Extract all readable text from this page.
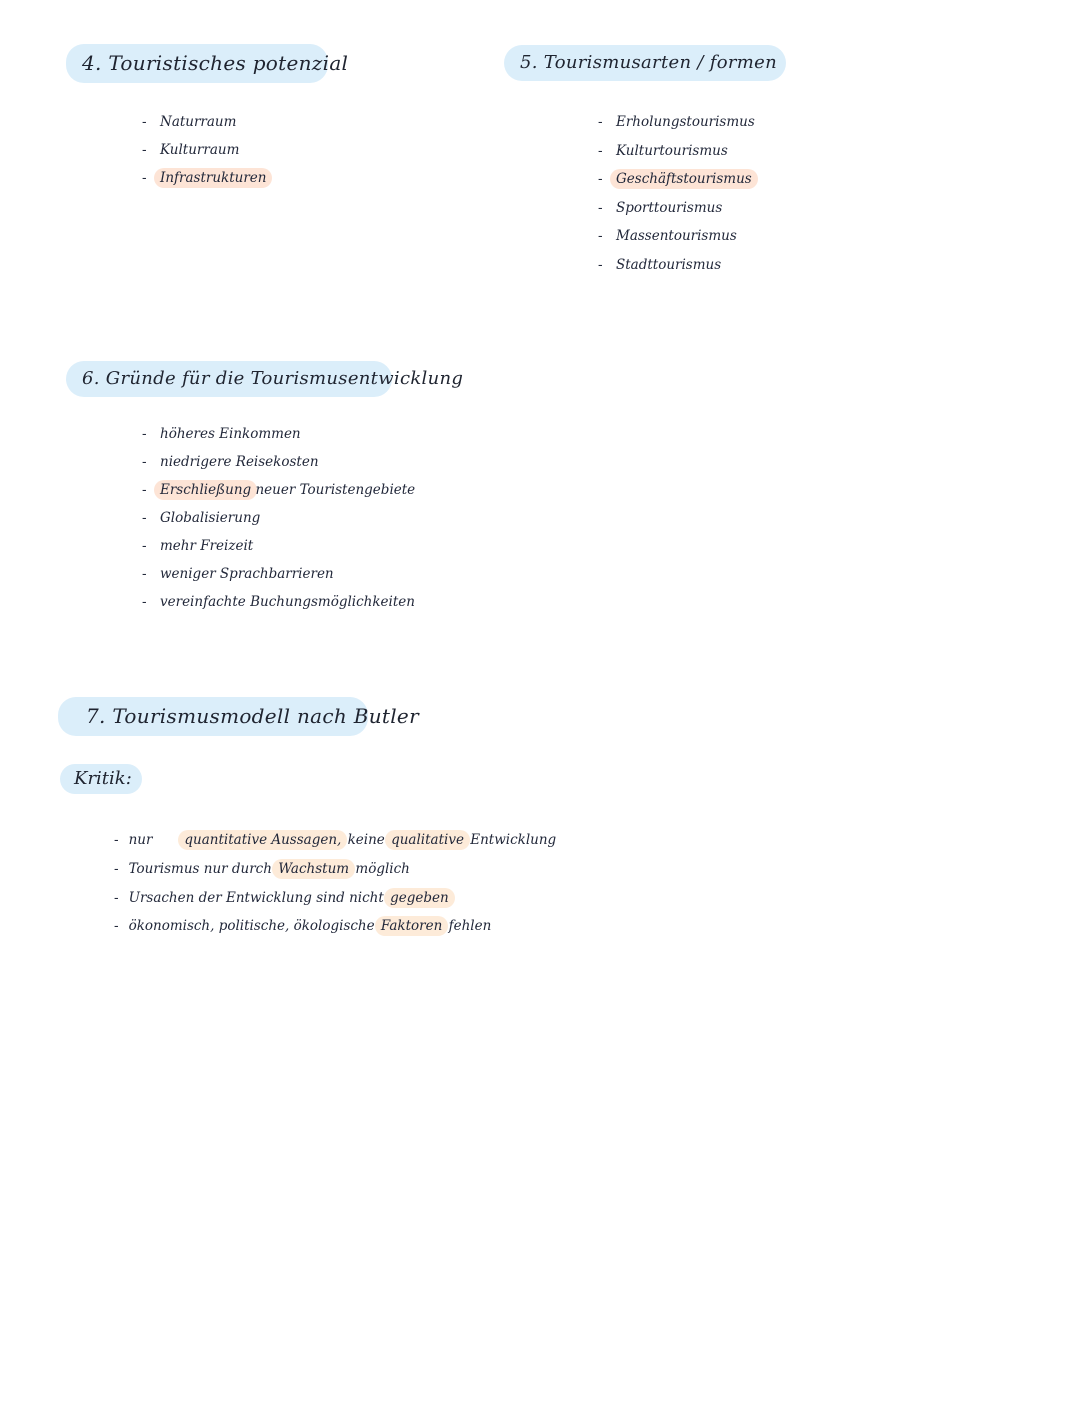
4. Touristisches potenzial
- Naturraum
- Kulturraum
- Infrastrukturen
5. Tourismusarten / formen
- Erholungstourismus
- Kulturtourismus
- Geschäftstourismus
- Sporttourismus
- Massentourismus
- Stadttourismus
6. Gründe für die Tourismusentwicklung
- höheres Einkommen
- niedrigere Reisekosten
- Erschließung neuer Touristengebiete
- Globalisierung
- mehr Freizeit
- weniger Sprachbarrieren
- vereinfachte Buchungsmöglichkeiten
7. Tourismusmodell nach Butler
Kritik:
- nur quantitative Aussagen, keine qualitative Entwicklung
- Tourismus nur durch Wachstum möglich
- Ursachen der Entwicklung sind nicht gegeben
- ökonomisch, politische, ökologische Faktoren fehlen
